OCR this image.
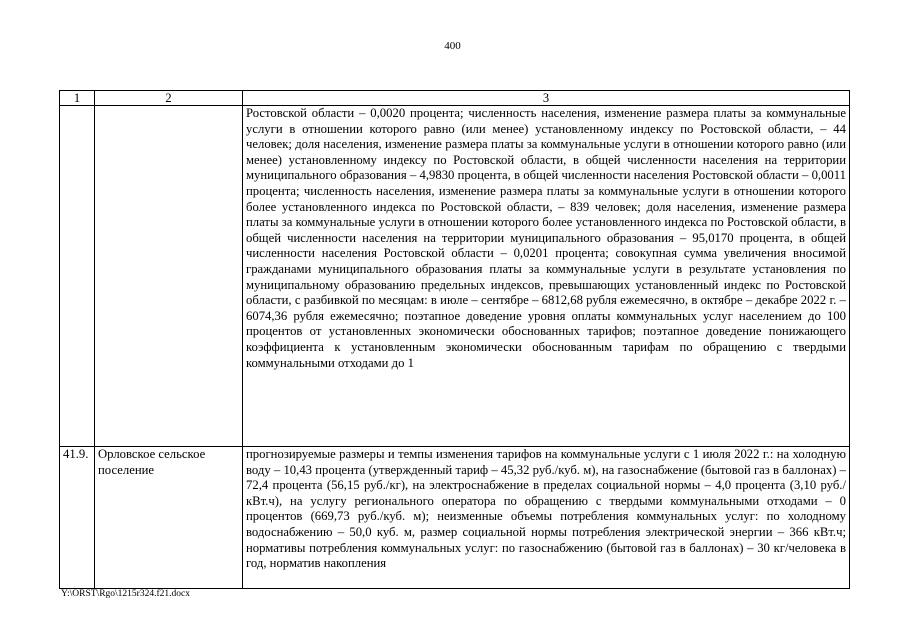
400
1	2	3

		Ростовской области – 0,0020 процента; численность населения, изменение размера платы за коммунальные услуги в отношении которого равно (или менее) установленному индексу по Ростовской области, – 44 человек; доля населения, изменение размера платы за коммунальные услуги в отношении которого равно (или менее) установленному индексу по Ростовской области, в общей численности населения на территории муниципального образования – 4,9830 процента, в общей численности населения Ростовской области – 0,0011 процента; численность населения, изменение размера платы за коммунальные услуги в отношении которого более установленного индекса по Ростовской области, – 839 человек; доля населения, изменение размера платы за коммунальные услуги в отношении которого более установленного индекса по Ростовской области, в общей численности населения на территории муниципального образования – 95,0170 процента, в общей численности населения Ростовской области – 0,0201 процента; совокупная сумма увеличения вносимой гражданами муниципального образования платы за коммунальные услуги в результате установления по муниципальному образованию предельных индексов, превышающих установленный индекс по Ростовской области, с разбивкой по месяцам: в июле – сентябре – 6812,68 рубля ежемесячно, в октябре – декабре 2022 г. – 6074,36 рубля ежемесячно; поэтапное доведение уровня оплаты коммунальных услуг населением до 100 процентов от установленных экономически обоснованных тарифов; поэтапное доведение понижающего коэффициента к установленным экономически обоснованным тарифам по обращению с твердыми коммунальными отходами до 1

41.9.	Орловское сельское поселение	прогнозируемые размеры и темпы изменения тарифов на коммунальные услуги с 1 июля 2022 г.: на холодную воду – 10,43 процента (утвержденный тариф – 45,32 руб./куб. м), на газоснабжение (бытовой газ в баллонах) – 72,4 процента (56,15 руб./кг), на электроснабжение в пределах социальной нормы – 4,0 процента (3,10 руб./кВт.ч), на услугу регионального оператора по обращению с твердыми коммунальными отходами – 0 процентов (669,73 руб./куб. м); неизменные объемы потребления коммунальных услуг: по холодному водоснабжению – 50,0 куб. м, размер социальной нормы потребления электрической энергии – 366 кВт.ч; нормативы потребления коммунальных услуг: по газоснабжению (бытовой газ в баллонах) – 30 кг/человека в год, норматив накопления
Y:\ORST\Rgo\1215r324.f21.docx
